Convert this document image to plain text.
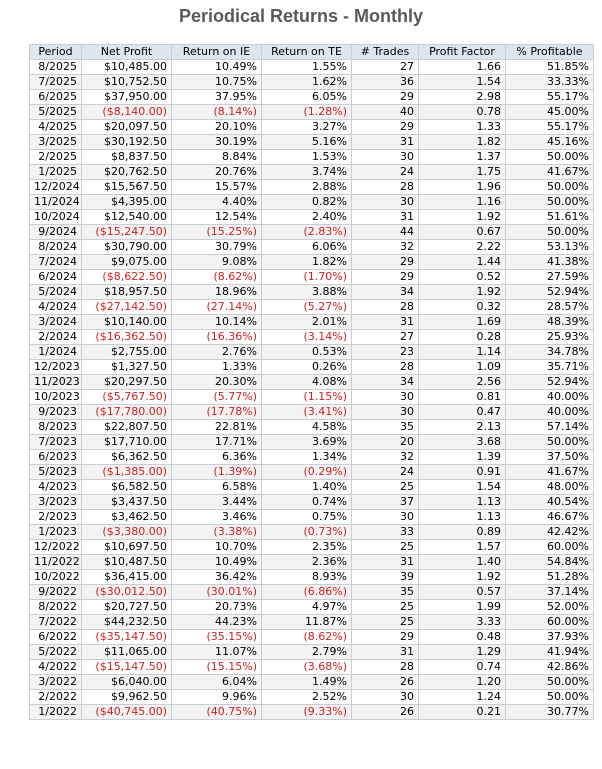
Periodical Returns - Monthly
Period	Net Profit	Return on IE	Return on TE	# Trades	Profit Factor	% Profitable
8/2025	$10,485.00	10.49%	1.55%	27	1.66	51.85%
7/2025	$10,752.50	10.75%	1.62%	36	1.54	33.33%
6/2025	$37,950.00	37.95%	6.05%	29	2.98	55.17%
5/2025	($8,140.00)	(8.14%)	(1.28%)	40	0.78	45.00%
4/2025	$20,097.50	20.10%	3.27%	29	1.33	55.17%
3/2025	$30,192.50	30.19%	5.16%	31	1.82	45.16%
2/2025	$8,837.50	8.84%	1.53%	30	1.37	50.00%
1/2025	$20,762.50	20.76%	3.74%	24	1.75	41.67%
12/2024	$15,567.50	15.57%	2.88%	28	1.96	50.00%
11/2024	$4,395.00	4.40%	0.82%	30	1.16	50.00%
10/2024	$12,540.00	12.54%	2.40%	31	1.92	51.61%
9/2024	($15,247.50)	(15.25%)	(2.83%)	44	0.67	50.00%
8/2024	$30,790.00	30.79%	6.06%	32	2.22	53.13%
7/2024	$9,075.00	9.08%	1.82%	29	1.44	41.38%
6/2024	($8,622.50)	(8.62%)	(1.70%)	29	0.52	27.59%
5/2024	$18,957.50	18.96%	3.88%	34	1.92	52.94%
4/2024	($27,142.50)	(27.14%)	(5.27%)	28	0.32	28.57%
3/2024	$10,140.00	10.14%	2.01%	31	1.69	48.39%
2/2024	($16,362.50)	(16.36%)	(3.14%)	27	0.28	25.93%
1/2024	$2,755.00	2.76%	0.53%	23	1.14	34.78%
12/2023	$1,327.50	1.33%	0.26%	28	1.09	35.71%
11/2023	$20,297.50	20.30%	4.08%	34	2.56	52.94%
10/2023	($5,767.50)	(5.77%)	(1.15%)	30	0.81	40.00%
9/2023	($17,780.00)	(17.78%)	(3.41%)	30	0.47	40.00%
8/2023	$22,807.50	22.81%	4.58%	35	2.13	57.14%
7/2023	$17,710.00	17.71%	3.69%	20	3.68	50.00%
6/2023	$6,362.50	6.36%	1.34%	32	1.39	37.50%
5/2023	($1,385.00)	(1.39%)	(0.29%)	24	0.91	41.67%
4/2023	$6,582.50	6.58%	1.40%	25	1.54	48.00%
3/2023	$3,437.50	3.44%	0.74%	37	1.13	40.54%
2/2023	$3,462.50	3.46%	0.75%	30	1.13	46.67%
1/2023	($3,380.00)	(3.38%)	(0.73%)	33	0.89	42.42%
12/2022	$10,697.50	10.70%	2.35%	25	1.57	60.00%
11/2022	$10,487.50	10.49%	2.36%	31	1.40	54.84%
10/2022	$36,415.00	36.42%	8.93%	39	1.92	51.28%
9/2022	($30,012.50)	(30.01%)	(6.86%)	35	0.57	37.14%
8/2022	$20,727.50	20.73%	4.97%	25	1.99	52.00%
7/2022	$44,232.50	44.23%	11.87%	25	3.33	60.00%
6/2022	($35,147.50)	(35.15%)	(8.62%)	29	0.48	37.93%
5/2022	$11,065.00	11.07%	2.79%	31	1.29	41.94%
4/2022	($15,147.50)	(15.15%)	(3.68%)	28	0.74	42.86%
3/2022	$6,040.00	6.04%	1.49%	26	1.20	50.00%
2/2022	$9,962.50	9.96%	2.52%	30	1.24	50.00%
1/2022	($40,745.00)	(40.75%)	(9.33%)	26	0.21	30.77%
